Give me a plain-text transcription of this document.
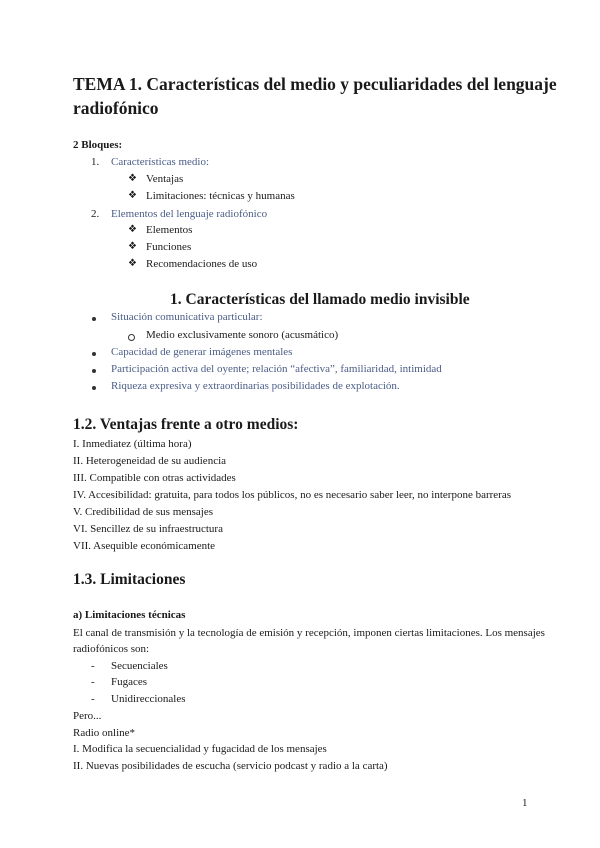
TEMA 1. Características del medio y peculiaridades del lenguaje
radiofónico
2 Bloques:
1. Características medio:
❖ Ventajas
❖ Limitaciones: técnicas y humanas
2. Elementos del lenguaje radiofónico
❖ Elementos
❖ Funciones
❖ Recomendaciones de uso
1. Características del llamado medio invisible
Situación comunicativa particular:
Medio exclusivamente sonoro (acusmático)
Capacidad de generar imágenes mentales
Participación activa del oyente; relación “afectiva”, familiaridad, intimidad
Riqueza expresiva y extraordinarias posibilidades de explotación.
1.2. Ventajas frente a otro medios:
I. Inmediatez (última hora)
II. Heterogeneidad de su audiencia
III. Compatible con otras actividades
IV. Accesibilidad: gratuita, para todos los públicos, no es necesario saber leer, no interpone barreras
V. Credibilidad de sus mensajes
VI. Sencillez de su infraestructura
VII. Asequible económicamente
1.3. Limitaciones
a) Limitaciones técnicas
El canal de transmisión y la tecnología de emisión y recepción, imponen ciertas limitaciones. Los mensajes
radiofónicos son:
- Secuenciales
- Fugaces
- Unidireccionales
Pero...
Radio online*
I. Modifica la secuencialidad y fugacidad de los mensajes
II. Nuevas posibilidades de escucha (servicio podcast y radio a la carta)
1
